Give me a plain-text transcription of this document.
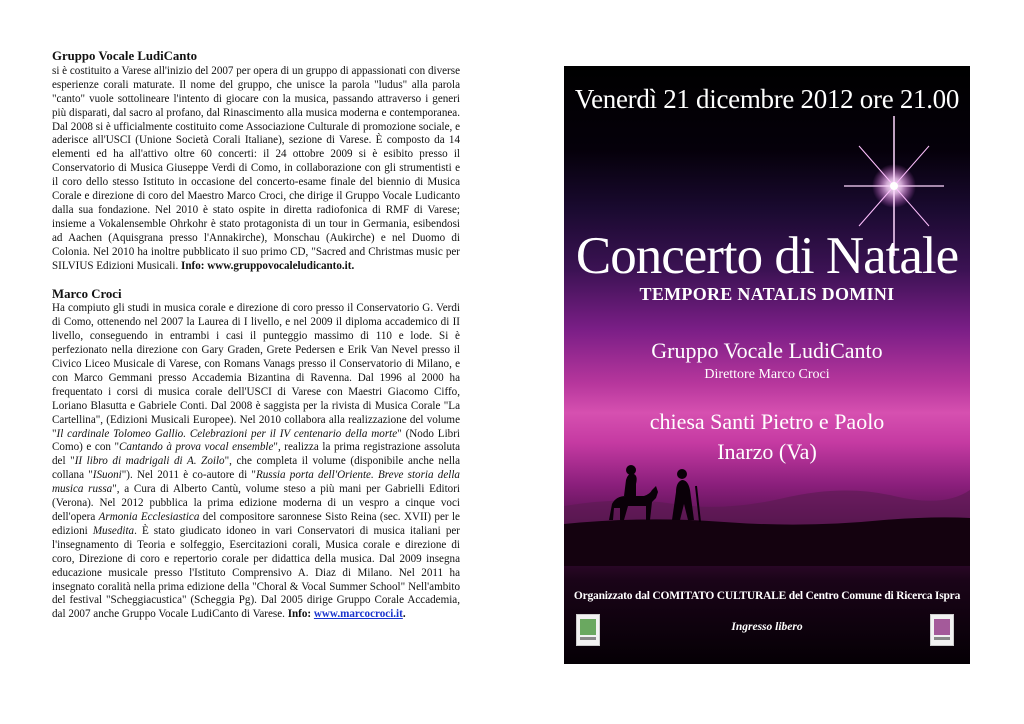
Gruppo Vocale LudiCanto

si è costituito a Varese all'inizio del 2007 per opera di un gruppo di appassionati con diverse esperienze corali maturate. Il nome del gruppo, che unisce la parola "ludus" alla parola "canto" vuole sottolineare l'intento di giocare con la musica, passando attraverso i generi più disparati, dal sacro al profano, dal Rinascimento alla musica moderna e contemporanea. Dal 2008 si è ufficialmente costituito come Associazione Culturale di promozione sociale, e aderisce all'USCI (Unione Società Corali Italiane), sezione di Varese. È composto da 14 elementi ed ha all'attivo oltre 60 concerti: il 24 ottobre 2009 si è esibito presso il Conservatorio di Musica Giuseppe Verdi di Como, in collaborazione con gli strumentisti e il coro dello stesso Istituto in occasione del concerto-esame finale del biennio di Musica Corale e direzione di coro del Maestro Marco Croci, che dirige il Gruppo Vocale Ludicanto dalla sua fondazione. Nel 2010 è stato ospite in diretta radiofonica di RMF di Varese; insieme a Vokalensemble Ohrkohr è stato protagonista di un tour in Germania, esibendosi ad Aachen (Aquisgrana presso l'Annakirche), Monschau (Aukirche) e nel Duomo di Colonia. Nel 2010 ha inoltre pubblicato il suo primo CD, "Sacred and Christmas music per SILVIUS Edizioni Musicali. Info: www.gruppovocaleludicanto.it.

Marco Croci

Ha compiuto gli studi in musica corale e direzione di coro presso il Conservatorio G. Verdi di Como, ottenendo nel 2007 la Laurea di I livello, e nel 2009 il diploma accademico di II livello, conseguendo in entrambi i casi il punteggio massimo di 110 e lode. Si è perfezionato nella direzione con Gary Graden, Grete Pedersen e Erik Van Nevel presso il Civico Liceo Musicale di Varese, con Romans Vanags presso il Conservatorio di Milano, e con Marco Gemmani presso Accademia Bizantina di Ravenna. Dal 1996 al 2000 ha frequentato i corsi di musica corale dell'USCI di Varese con Maestri Giacomo Ciffo, Loriano Blasutta e Gabriele Conti. Dal 2008 è saggista per la rivista di Musica Corale "La Cartellina", (Edizioni Musicali Europee). Nel 2010 collabora alla realizzazione del volume "Il cardinale Tolomeo Gallio. Celebrazioni per il IV centenario della morte" (Nodo Libri Como) e con "Cantando à prova vocal ensemble", realizza la prima registrazione assoluta del "II libro di madrigali di A. Zoilo", che completa il volume (disponibile anche nella collana "ISuoni"). Nel 2011 è co-autore di "Russia porta dell'Oriente. Breve storia della musica russa", a Cura di Alberto Cantù, volume steso a più mani per Gabrielli Editori (Verona). Nel 2012 pubblica la prima edizione moderna di un vespro a cinque voci dell'opera Armonia Ecclesiastica del compositore saronnese Sisto Reina (sec. XVII) per le edizioni Musedita. È stato giudicato idoneo in vari Conservatori di musica italiani per l'insegnamento di Teoria e solfeggio, Esercitazioni corali, Musica corale e direzione di coro, Direzione di coro e repertorio corale per didattica della musica. Dal 2009 insegna educazione musicale presso l'Istituto Comprensivo A. Diaz di Milano. Nel 2011 ha insegnato coralità nella prima edizione della "Choral & Vocal Summer School" Nell'ambito del festival "Scheggiacustica" (Scheggia Pg). Dal 2005 dirige Gruppo Corale Accademia, dal 2007 anche Gruppo Vocale LudiCanto di Varese. Info: www.marcocroci.it.

Venerdì 21 dicembre 2012 ore 21.00
Concerto di Natale
TEMPORE NATALIS DOMINI
Gruppo Vocale LudiCanto
Direttore Marco Croci
chiesa Santi Pietro e Paolo
Inarzo (Va)
Organizzato dal COMITATO CULTURALE del Centro Comune di Ricerca Ispra
Ingresso libero
